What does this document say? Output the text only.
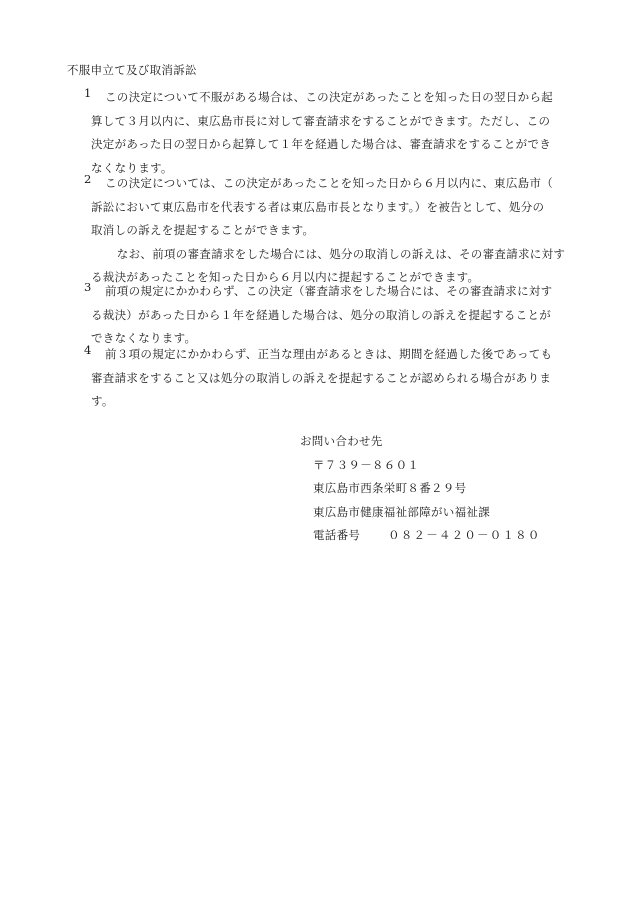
不服申立て及び取消訴訟
1	この決定について不服がある場合は、この決定があったことを知った日の翌日から起
算して３月以内に、東広島市長に対して審査請求をすることができます。ただし、この
決定があった日の翌日から起算して１年を経過した場合は、審査請求をすることができ
なくなります。
2	この決定については、この決定があったことを知った日から６月以内に、東広島市（
訴訟において東広島市を代表する者は東広島市長となります。）を被告として、処分の
取消しの訴えを提起することができます。
　なお、前項の審査請求をした場合には、処分の取消しの訴えは、その審査請求に対す
る裁決があったことを知った日から６月以内に提起することができます。
3	前項の規定にかかわらず、この決定（審査請求をした場合には、その審査請求に対す
る裁決）があった日から１年を経過した場合は、処分の取消しの訴えを提起することが
できなくなります。
4	前３項の規定にかかわらず、正当な理由があるときは、期間を経過した後であっても
審査請求をすること又は処分の取消しの訴えを提起することが認められる場合がありま
す。
お問い合わせ先
〒７３９－８６０１
東広島市西条栄町８番２９号
東広島市健康福祉部障がい福祉課
電話番号 ０８２－４２０－０１８０
